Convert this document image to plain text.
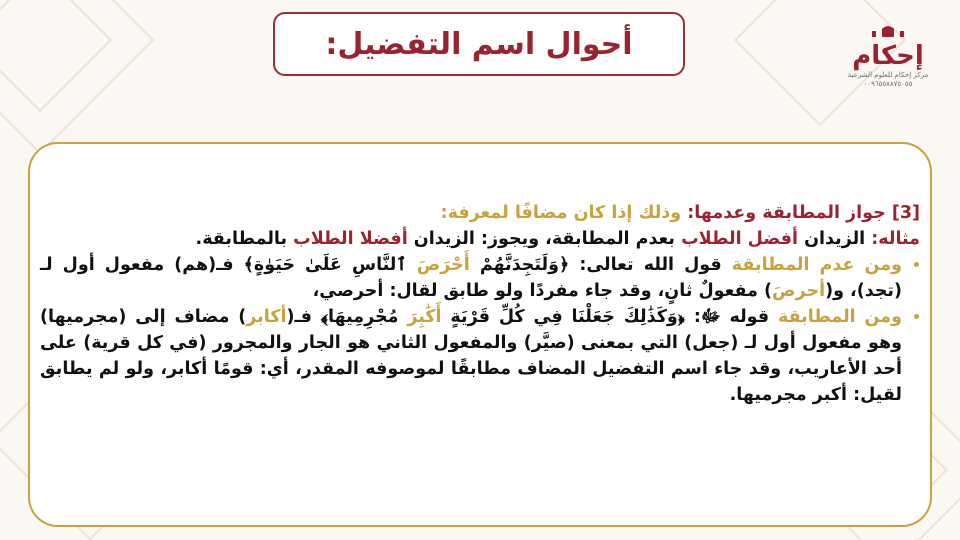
أحوال اسم التفضيل:	إحكام
مركز إحكام للعلوم الشرعية
٠٠٩٦٥٥٨٨٧٥٠٥٥

[3] جواز المطابقة وعدمها: وذلك إذا كان مضافًا لمعرفة:

مثاله: الزيدان أفضل الطلاب بعدم المطابقة، ويجوز: الزيدان أفضلا الطلاب بالمطابقة.

• ومن عدم المطابقة قول الله تعالى: ﴿وَلَتَجِدَنَّهُمْ أَحْرَصَ ٱلنَّاسِ عَلَىٰ حَيَوٰةٍ﴾ فـ(هم) مفعول أول لـ (تجد)، و(أحرصَ) مفعولٌ ثانٍ، وقد جاء مفردًا ولو طابق لقال: أحرصي،
• ومن المطابقة قوله ﷻ: ﴿وَكَذَٰلِكَ جَعَلْنَا فِي كُلِّ قَرْيَةٍ أَكَٰبِرَ مُجْرِمِيهَا﴾ فـ(أكابر) مضاف إلى (مجرميها) وهو مفعول أول لـ (جعل) التي بمعنى (صيَّر) والمفعول الثاني هو الجار والمجرور (في كل قرية) على أحد الأعاريب، وقد جاء اسم التفضيل المضاف مطابقًا لموصوفه المقدر، أي: قومًا أكابر، ولو لم يطابق لقيل: أكبر مجرميها.
